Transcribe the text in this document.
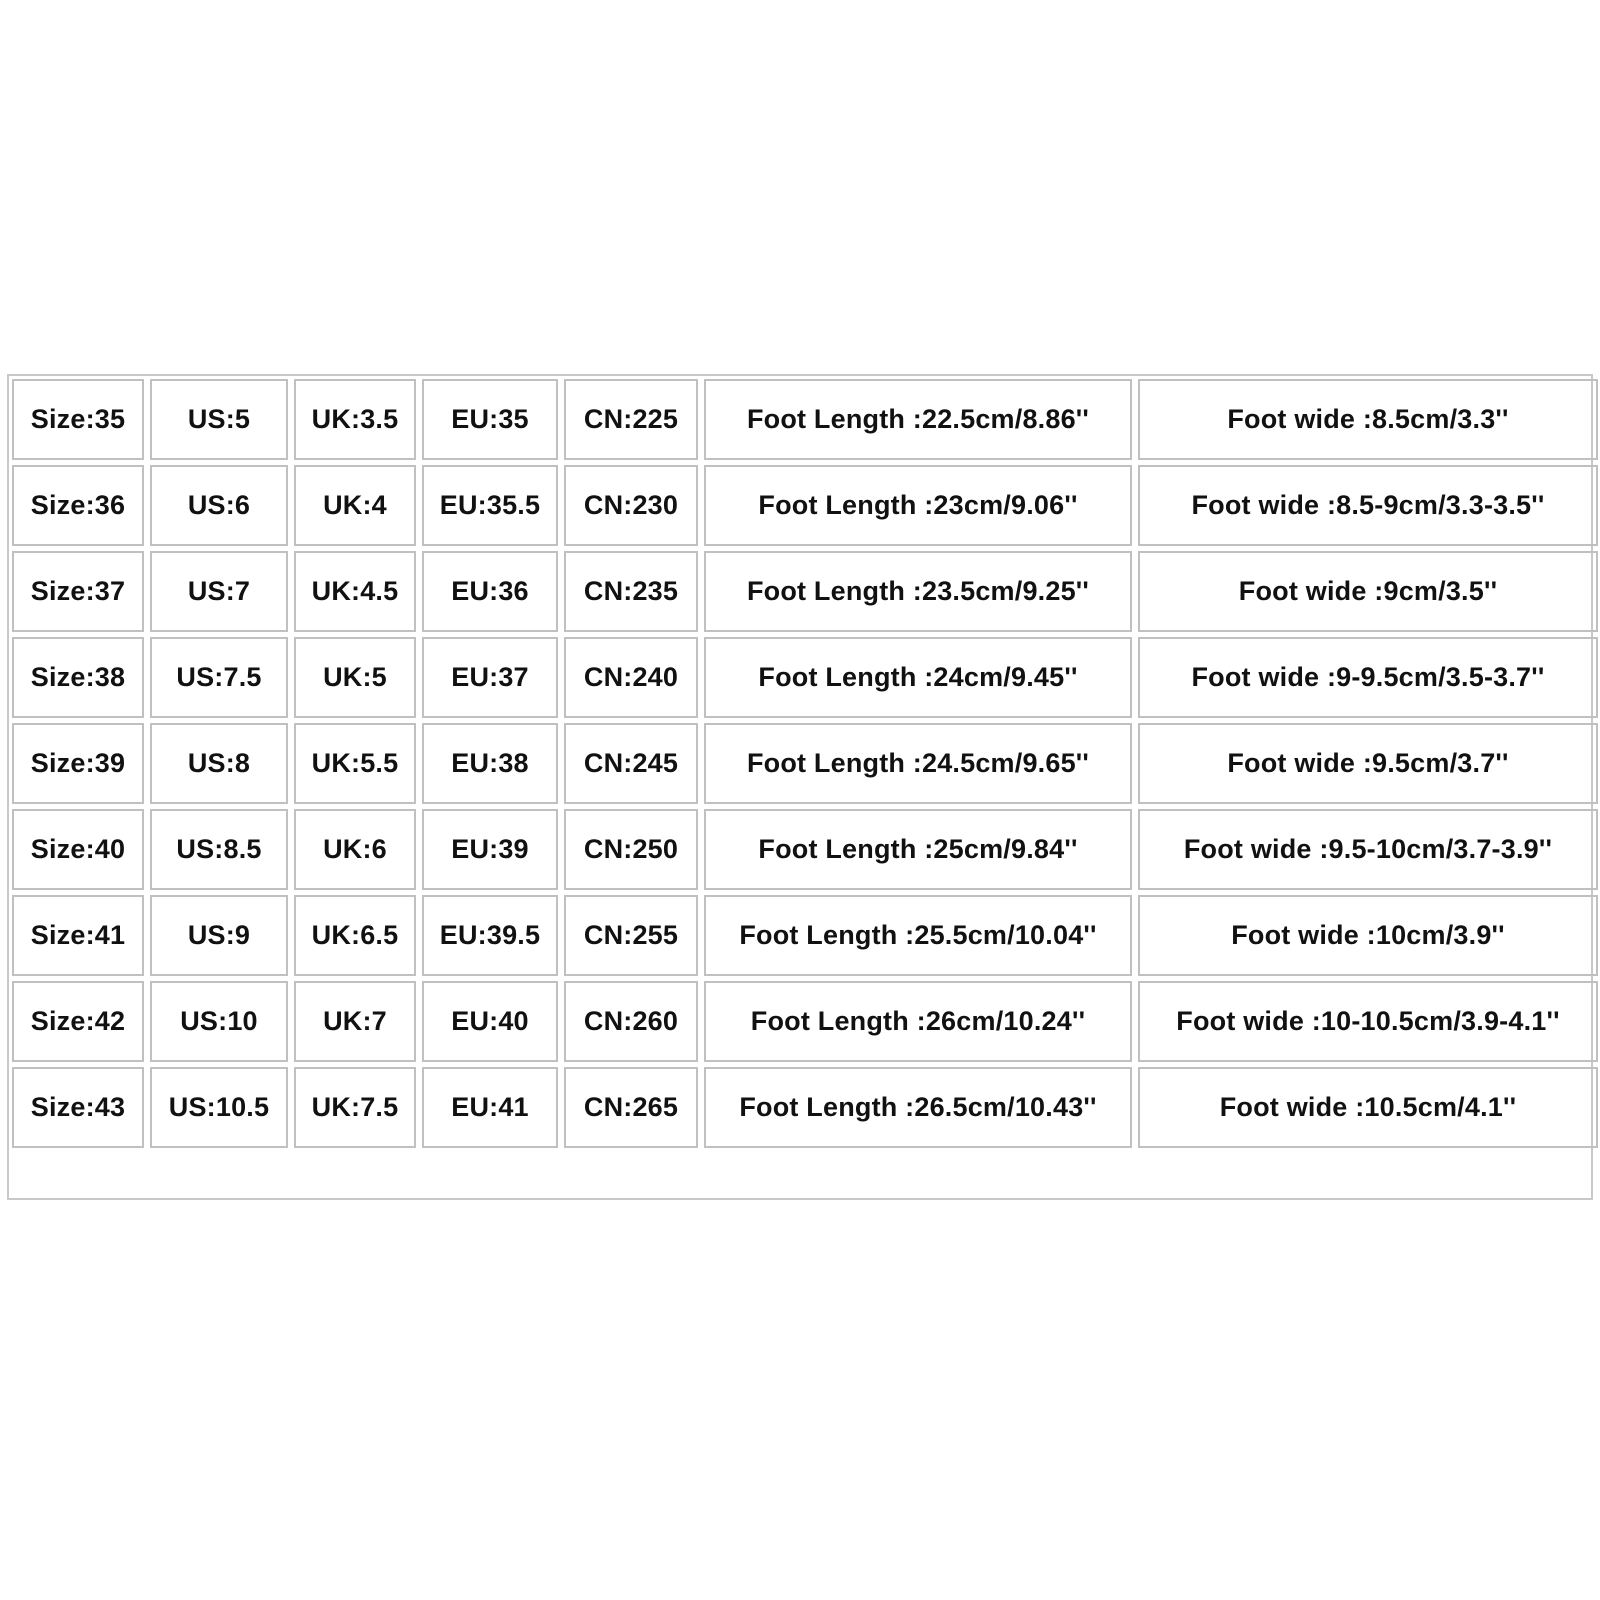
Size:35	US:5	UK:3.5	EU:35	CN:225	Foot Length :22.5cm/8.86''	Foot wide :8.5cm/3.3''
Size:36	US:6	UK:4	EU:35.5	CN:230	Foot Length :23cm/9.06''	Foot wide :8.5-9cm/3.3-3.5''
Size:37	US:7	UK:4.5	EU:36	CN:235	Foot Length :23.5cm/9.25''	Foot wide :9cm/3.5''
Size:38	US:7.5	UK:5	EU:37	CN:240	Foot Length :24cm/9.45''	Foot wide :9-9.5cm/3.5-3.7''
Size:39	US:8	UK:5.5	EU:38	CN:245	Foot Length :24.5cm/9.65''	Foot wide :9.5cm/3.7''
Size:40	US:8.5	UK:6	EU:39	CN:250	Foot Length :25cm/9.84''	Foot wide :9.5-10cm/3.7-3.9''
Size:41	US:9	UK:6.5	EU:39.5	CN:255	Foot Length :25.5cm/10.04''	Foot wide :10cm/3.9''
Size:42	US:10	UK:7	EU:40	CN:260	Foot Length :26cm/10.24''	Foot wide :10-10.5cm/3.9-4.1''
Size:43	US:10.5	UK:7.5	EU:41	CN:265	Foot Length :26.5cm/10.43''	Foot wide :10.5cm/4.1''
